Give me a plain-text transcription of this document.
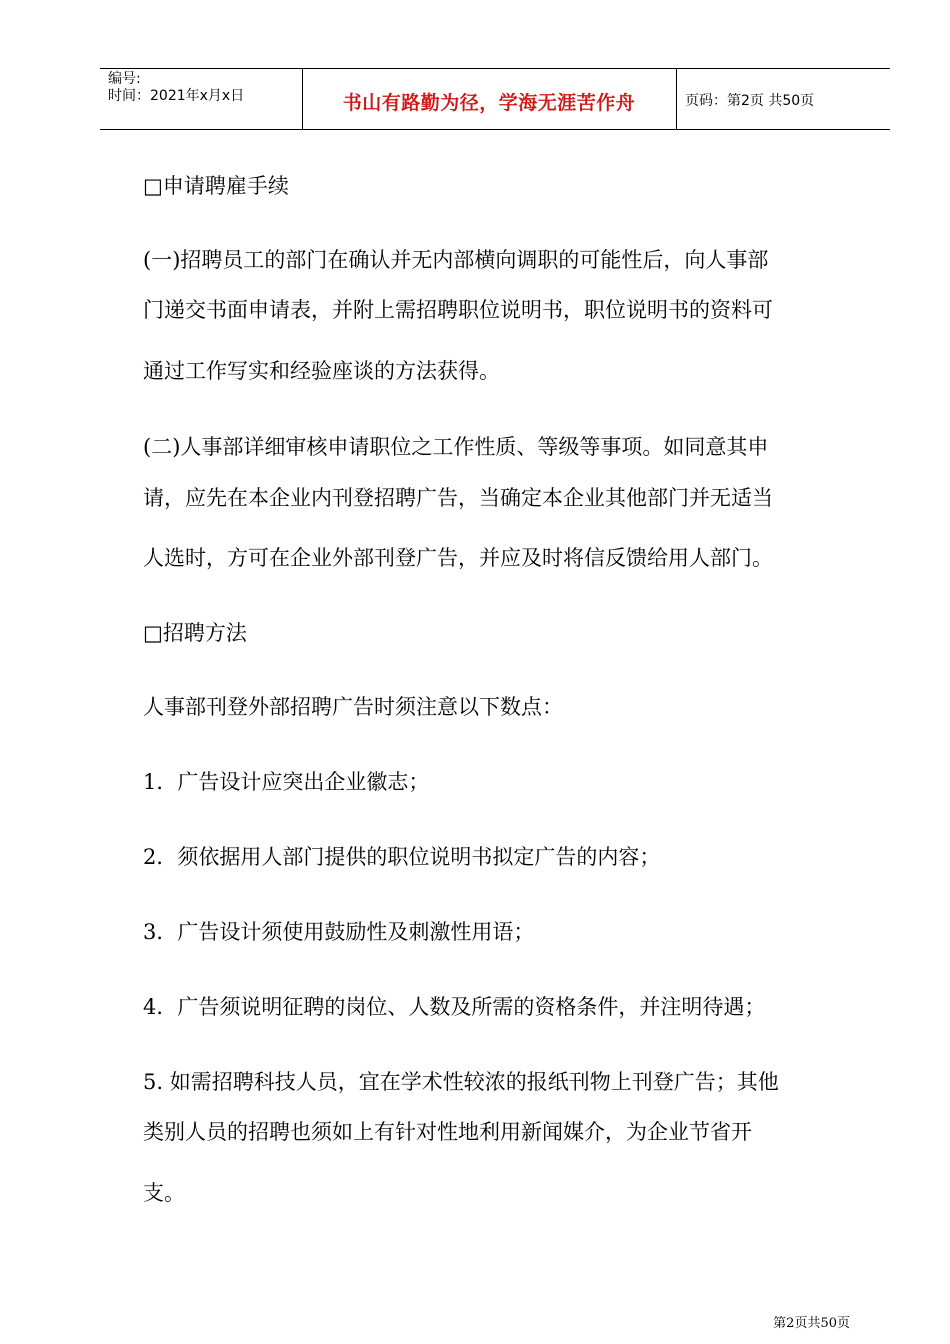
编号:
时间：2021年x月x日	书山有路勤为径，学海无涯苦作舟	页码：第2页 共50页
□申请聘雇手续
(一)招聘员工的部门在确认并无内部横向调职的可能性后，向人事部
门递交书面申请表，并附上需招聘职位说明书，职位说明书的资料可
通过工作写实和经验座谈的方法获得。
(二)人事部详细审核申请职位之工作性质、等级等事项。如同意其申
请，应先在本企业内刊登招聘广告，当确定本企业其他部门并无适当
人选时，方可在企业外部刊登广告，并应及时将信反馈给用人部门。
□招聘方法
人事部刊登外部招聘广告时须注意以下数点：
1．广告设计应突出企业徽志；
2．须依据用人部门提供的职位说明书拟定广告的内容；
3．广告设计须使用鼓励性及刺激性用语；
4．广告须说明征聘的岗位、人数及所需的资格条件，并注明待遇；
5. 如需招聘科技人员，宜在学术性较浓的报纸刊物上刊登广告；其他
类别人员的招聘也须如上有针对性地利用新闻媒介，为企业节省开
支。
第2页共50页
